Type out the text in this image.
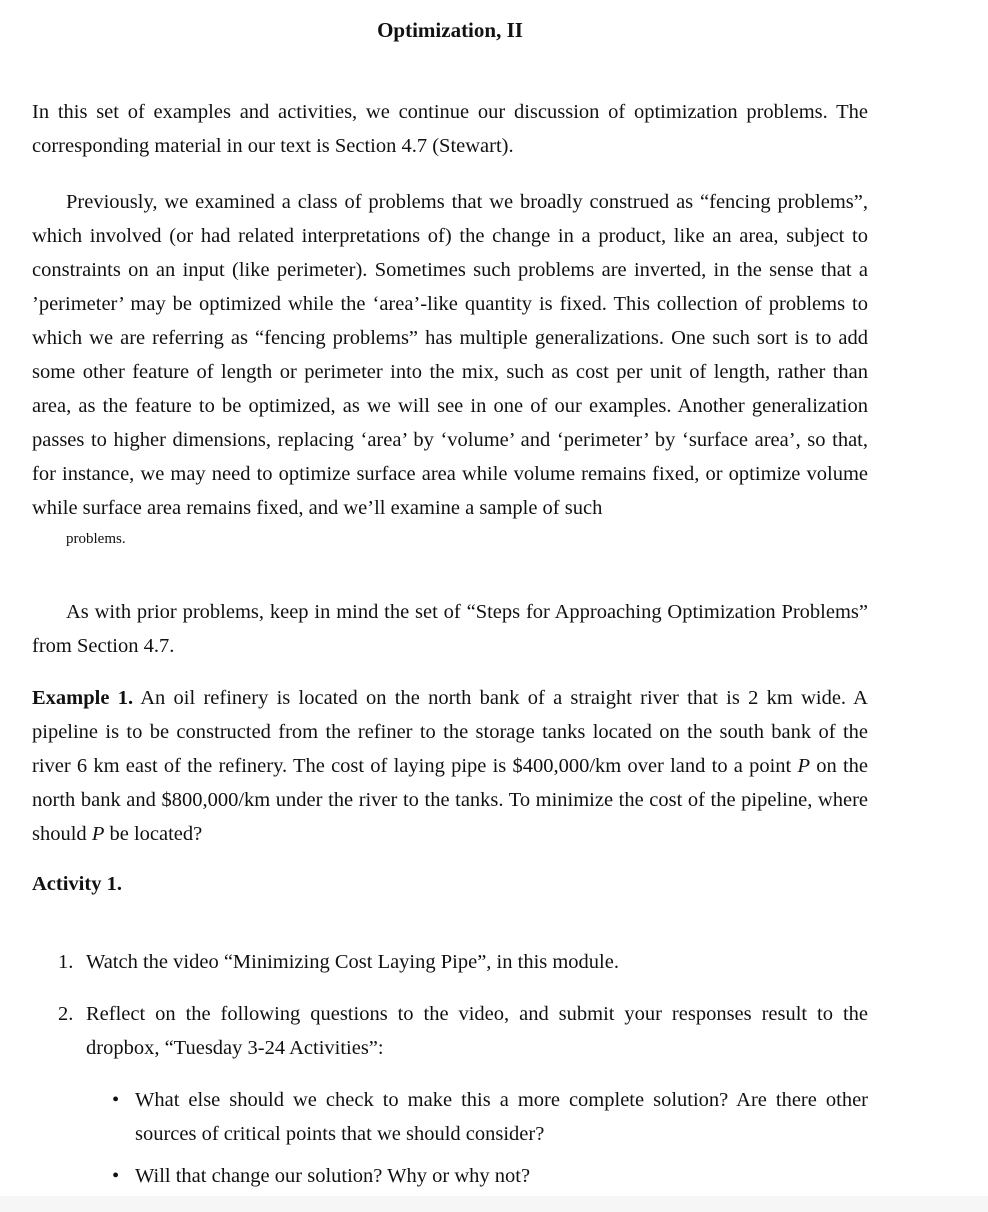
Optimization, II
In this set of examples and activities, we continue our discussion of optimization problems. The corresponding material in our text is Section 4.7 (Stewart).
Previously, we examined a class of problems that we broadly construed as “fencing problems”, which involved (or had related interpretations of) the change in a product, like an area, subject to constraints on an input (like perimeter). Sometimes such problems are inverted, in the sense that a ’perimeter’ may be optimized while the ‘area’-like quantity is fixed. This collection of problems to which we are referring as “fencing problems” has multiple generalizations. One such sort is to add some other feature of length or perimeter into the mix, such as cost per unit of length, rather than area, as the feature to be optimized, as we will see in one of our examples. Another generalization passes to higher dimensions, replacing ‘area’ by ‘volume’ and ‘perimeter’ by ‘surface area’, so that, for instance, we may need to optimize surface area while volume remains fixed, or optimize volume while surface area remains fixed, and we’ll examine a sample of such
problems.
As with prior problems, keep in mind the set of “Steps for Approaching Optimization Problems” from Section 4.7.
Example 1. An oil refinery is located on the north bank of a straight river that is 2 km wide. A pipeline is to be constructed from the refiner to the storage tanks located on the south bank of the river 6 km east of the refinery. The cost of laying pipe is $400,000/km over land to a point P on the north bank and $800,000/km under the river to the tanks. To minimize the cost of the pipeline, where should P be located?
Activity 1.
1. Watch the video “Minimizing Cost Laying Pipe”, in this module.
2. Reflect on the following questions to the video, and submit your responses result to the dropbox, “Tuesday 3-24 Activities”:
• What else should we check to make this a more complete solution? Are there other sources of critical points that we should consider?
• Will that change our solution? Why or why not?
